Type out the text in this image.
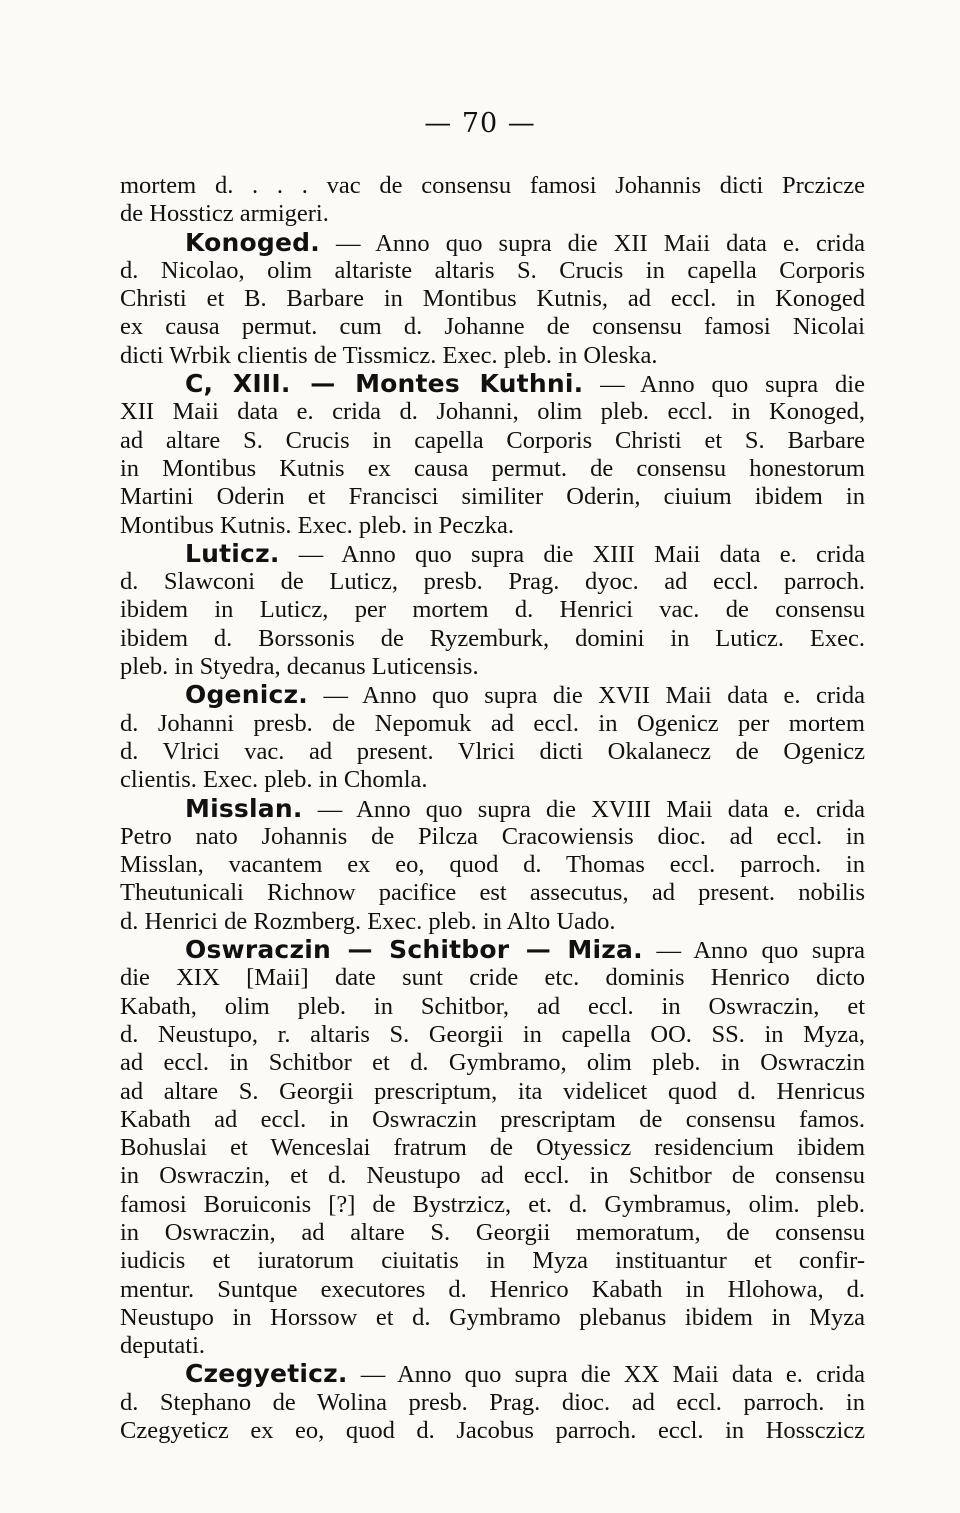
— 70 —
mortem d. . . . vac de consensu famosi Johannis dicti Prczicze
de Hossticz armigeri.
Konoged. — Anno quo supra die XII Maii data e. crida
d. Nicolao, olim altariste altaris S. Crucis in capella Corporis
Christi et B. Barbare in Montibus Kutnis, ad eccl. in Konoged
ex causa permut. cum d. Johanne de consensu famosi Nicolai
dicti Wrbik clientis de Tissmicz. Exec. pleb. in Oleska.
C, XIII. — Montes Kuthni. — Anno quo supra die
XII Maii data e. crida d. Johanni, olim pleb. eccl. in Konoged,
ad altare S. Crucis in capella Corporis Christi et S. Barbare
in Montibus Kutnis ex causa permut. de consensu honestorum
Martini Oderin et Francisci similiter Oderin, ciuium ibidem in
Montibus Kutnis. Exec. pleb. in Peczka.
Luticz. — Anno quo supra die XIII Maii data e. crida
d. Slawconi de Luticz, presb. Prag. dyoc. ad eccl. parroch.
ibidem in Luticz, per mortem d. Henrici vac. de consensu
ibidem d. Borssonis de Ryzemburk, domini in Luticz. Exec.
pleb. in Styedra, decanus Luticensis.
Ogenicz. — Anno quo supra die XVII Maii data e. crida
d. Johanni presb. de Nepomuk ad eccl. in Ogenicz per mortem
d. Vlrici vac. ad present. Vlrici dicti Okalanecz de Ogenicz
clientis. Exec. pleb. in Chomla.
Misslan. — Anno quo supra die XVIII Maii data e. crida
Petro nato Johannis de Pilcza Cracowiensis dioc. ad eccl. in
Misslan, vacantem ex eo, quod d. Thomas eccl. parroch. in
Theutunicali Richnow pacifice est assecutus, ad present. nobilis
d. Henrici de Rozmberg. Exec. pleb. in Alto Uado.
Oswraczin — Schitbor — Miza. — Anno quo supra
die XIX [Maii] date sunt cride etc. dominis Henrico dicto
Kabath, olim pleb. in Schitbor, ad eccl. in Oswraczin, et
d. Neustupo, r. altaris S. Georgii in capella OO. SS. in Myza,
ad eccl. in Schitbor et d. Gymbramo, olim pleb. in Oswraczin
ad altare S. Georgii prescriptum, ita videlicet quod d. Henricus
Kabath ad eccl. in Oswraczin prescriptam de consensu famos.
Bohuslai et Wenceslai fratrum de Otyessicz residencium ibidem
in Oswraczin, et d. Neustupo ad eccl. in Schitbor de consensu
famosi Boruiconis [?] de Bystrzicz, et. d. Gymbramus, olim. pleb.
in Oswraczin, ad altare S. Georgii memoratum, de consensu
iudicis et iuratorum ciuitatis in Myza instituantur et confir-
mentur. Suntque executores d. Henrico Kabath in Hlohowa, d.
Neustupo in Horssow et d. Gymbramo plebanus ibidem in Myza
deputati.
Czegyeticz. — Anno quo supra die XX Maii data e. crida
d. Stephano de Wolina presb. Prag. dioc. ad eccl. parroch. in
Czegyeticz ex eo, quod d. Jacobus parroch. eccl. in Hossczicz
